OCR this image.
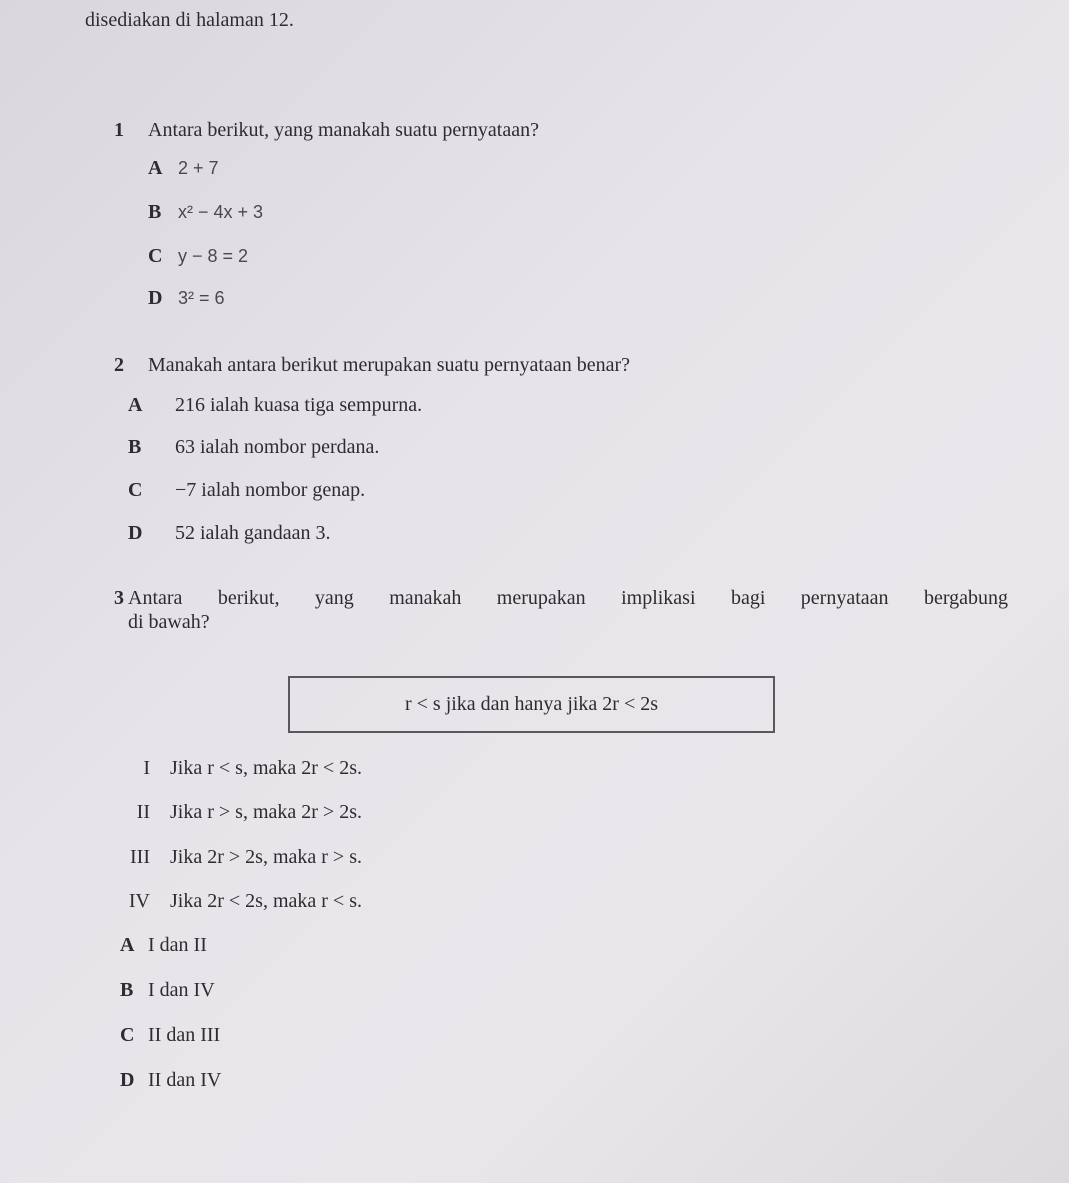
disediakan di halaman 12.
1 Antara berikut, yang manakah suatu pernyataan?
A 2 + 7
B x² − 4x + 3
C y − 8 = 2
D 3² = 6
2 Manakah antara berikut merupakan suatu pernyataan benar?
A 216 ialah kuasa tiga sempurna.
B 63 ialah nombor perdana.
C −7 ialah nombor genap.
D 52 ialah gandaan 3.
3 Antara berikut, yang manakah merupakan implikasi bagi pernyataan bergabung
di bawah?
r < s jika dan hanya jika 2r < 2s
I Jika r < s, maka 2r < 2s.
II Jika r > s, maka 2r > 2s.
III Jika 2r > 2s, maka r > s.
IV Jika 2r < 2s, maka r < s.
A I dan II
B I dan IV
C II dan III
D II dan IV
